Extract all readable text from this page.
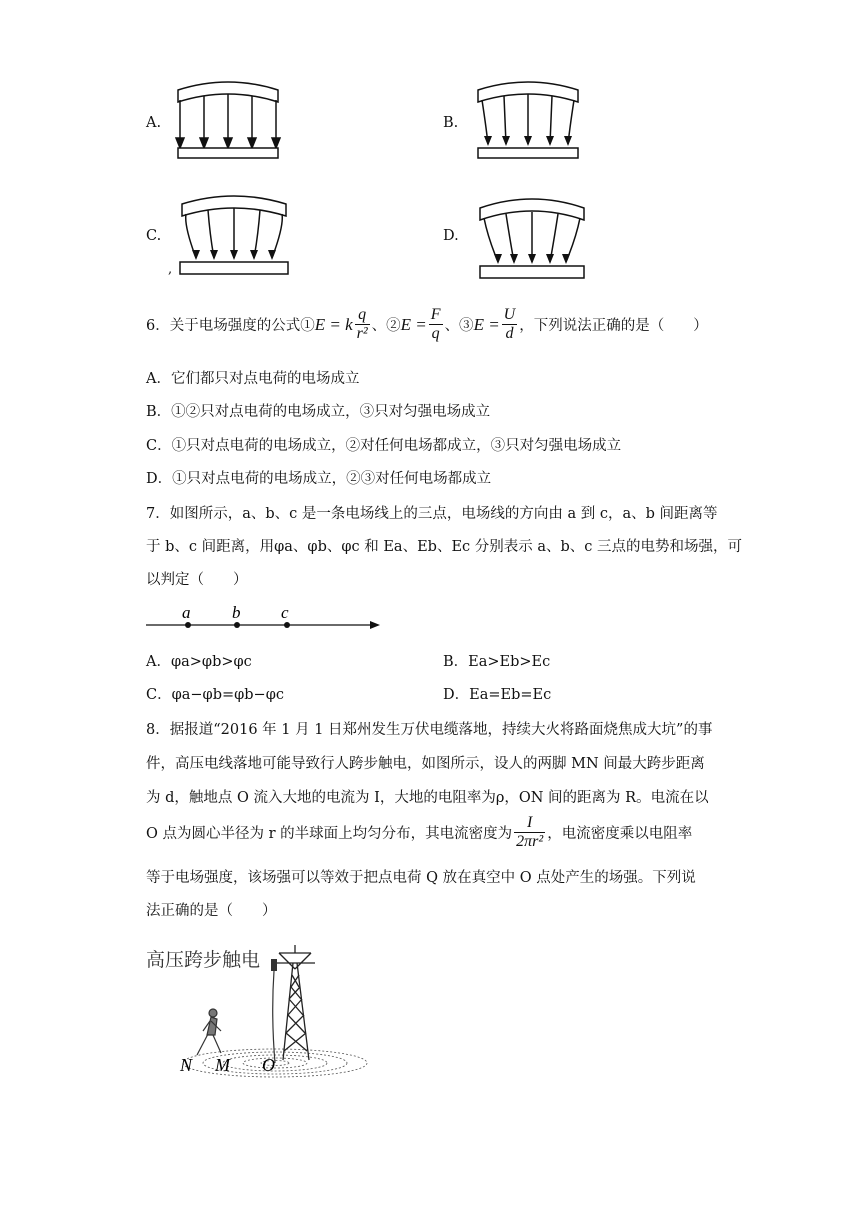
A.	B.
C.
,
D.
6．关于电场强度的公式① E = k $\frac{q}{\text{r²}}$ 、② $E = \frac{F}{q}$ 、③ $E = \frac{U}{d}$ ，下列说法正确的是（　　）
A．它们都只对点电荷的电场成立
B．①②只对点电荷的电场成立，③只对匀强电场成立
C．①只对点电荷的电场成立，②对任何电场都成立，③只对匀强电场成立
D．①只对点电荷的电场成立，②③对任何电场都成立
7．如图所示，a、b、c 是一条电场线上的三点，电场线的方向由 a 到 c，a、b 间距离等
于 b、c 间距离，用φa、φb、φc 和 Ea、Eb、Ec 分别表示 a、b、c 三点的电势和场强，可
以判定（　　）
a b c
A．φa>φb>φc	B．Ea>Eb>Ec
C．φa−φb=φb−φc	D．Ea=Eb=Ec
8．据报道“2016 年 1 月 1 日郑州发生万伏电缆落地，持续大火将路面烧焦成大坑”的事
件，高压电线落地可能导致行人跨步触电，如图所示，设人的两脚 MN 间最大跨步距离
为 d，触地点 O 流入大地的电流为 I，大地的电阻率为ρ，ON 间的距离为 R。电流在以
O 点为圆心半径为 r 的半球面上均匀分布，其电流密度为 $\frac{I}{\text{2πr²}}$ ，电流密度乘以电阻率
等于电场强度，该场强可以等效于把点电荷 Q 放在真空中 O 点处产生的场强。下列说
法正确的是（　　）
高压跨步触电
N M O
